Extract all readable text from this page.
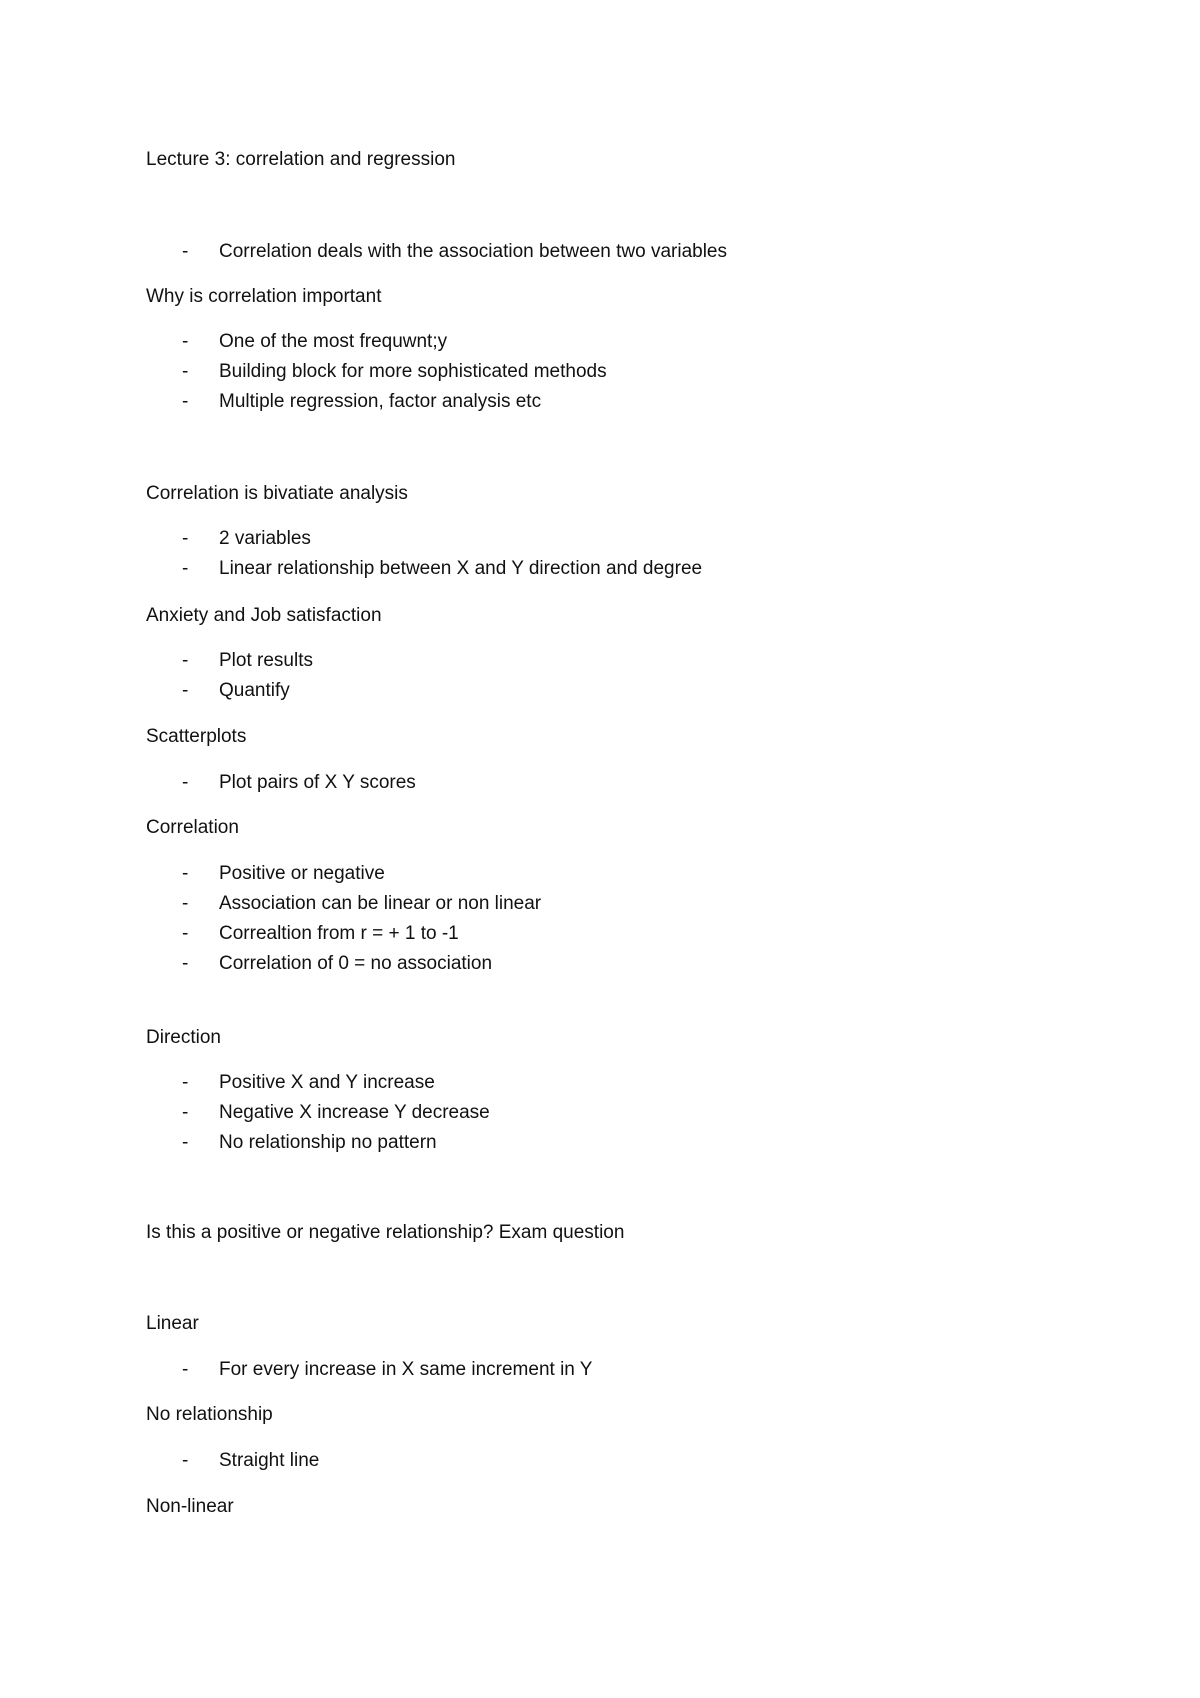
Lecture 3: correlation and regression
- Correlation deals with the association between two variables
Why is correlation important
- One of the most frequwnt;y
- Building block for more sophisticated methods
- Multiple regression, factor analysis etc
Correlation is bivatiate analysis
- 2 variables
- Linear relationship between X and Y direction and degree
Anxiety and Job satisfaction
- Plot results
- Quantify
Scatterplots
- Plot pairs of X Y scores
Correlation
- Positive or negative
- Association can be linear or non linear
- Correaltion from r = + 1 to -1
- Correlation of 0 = no association
Direction
- Positive X and Y increase
- Negative X increase Y decrease
- No relationship no pattern
Is this a positive or negative relationship? Exam question
Linear
- For every increase in X same increment in Y
No relationship
- Straight line
Non-linear
